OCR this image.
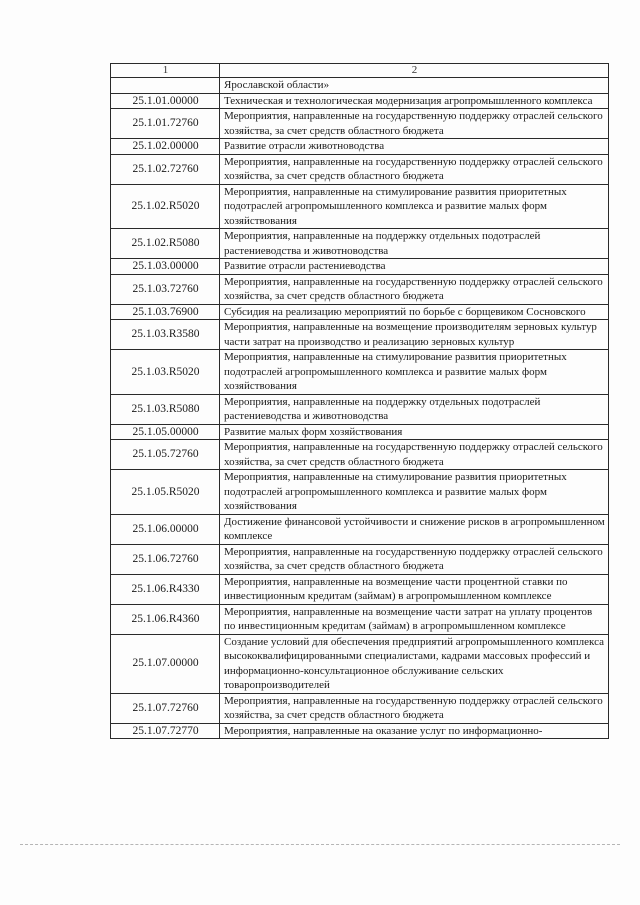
1	2
	Ярославской области»
25.1.01.00000	Техническая и технологическая модернизация агропромышленного комплекса
25.1.01.72760	Мероприятия, направленные на государственную поддержку отраслей сельского хозяйства, за счет средств областного бюджета
25.1.02.00000	Развитие отрасли животноводства
25.1.02.72760	Мероприятия, направленные на государственную поддержку отраслей сельского хозяйства, за счет средств областного бюджета
25.1.02.R5020	Мероприятия, направленные на стимулирование развития приоритетных подотраслей агропромышленного комплекса и развитие малых форм хозяйствования
25.1.02.R5080	Мероприятия, направленные на поддержку отдельных подотраслей растениеводства и животноводства
25.1.03.00000	Развитие отрасли растениеводства
25.1.03.72760	Мероприятия, направленные на государственную поддержку отраслей сельского хозяйства, за счет средств областного бюджета
25.1.03.76900	Субсидия на реализацию мероприятий по борьбе с борщевиком Сосновского
25.1.03.R3580	Мероприятия, направленные на возмещение производителям зерновых культур части затрат на производство и реализацию зерновых культур
25.1.03.R5020	Мероприятия, направленные на стимулирование развития приоритетных подотраслей агропромышленного комплекса и развитие малых форм хозяйствования
25.1.03.R5080	Мероприятия, направленные на поддержку отдельных подотраслей растениеводства и животноводства
25.1.05.00000	Развитие малых форм хозяйствования
25.1.05.72760	Мероприятия, направленные на государственную поддержку отраслей сельского хозяйства, за счет средств областного бюджета
25.1.05.R5020	Мероприятия, направленные на стимулирование развития приоритетных подотраслей агропромышленного комплекса и развитие малых форм хозяйствования
25.1.06.00000	Достижение финансовой устойчивости и снижение рисков в агропромышленном комплексе
25.1.06.72760	Мероприятия, направленные на государственную поддержку отраслей сельского хозяйства, за счет средств областного бюджета
25.1.06.R4330	Мероприятия, направленные на возмещение части процентной ставки по инвестиционным кредитам (займам) в агропромышленном комплексе
25.1.06.R4360	Мероприятия, направленные на возмещение части затрат на уплату процентов по инвестиционным кредитам (займам) в агропромышленном комплексе
25.1.07.00000	Создание условий для обеспечения предприятий агропромышленного комплекса высококвалифицированными специалистами, кадрами массовых профессий и информационно-консультационное обслуживание сельских товаропроизводителей
25.1.07.72760	Мероприятия, направленные на государственную поддержку отраслей сельского хозяйства, за счет средств областного бюджета
25.1.07.72770	Мероприятия, направленные на оказание услуг по информационно-
